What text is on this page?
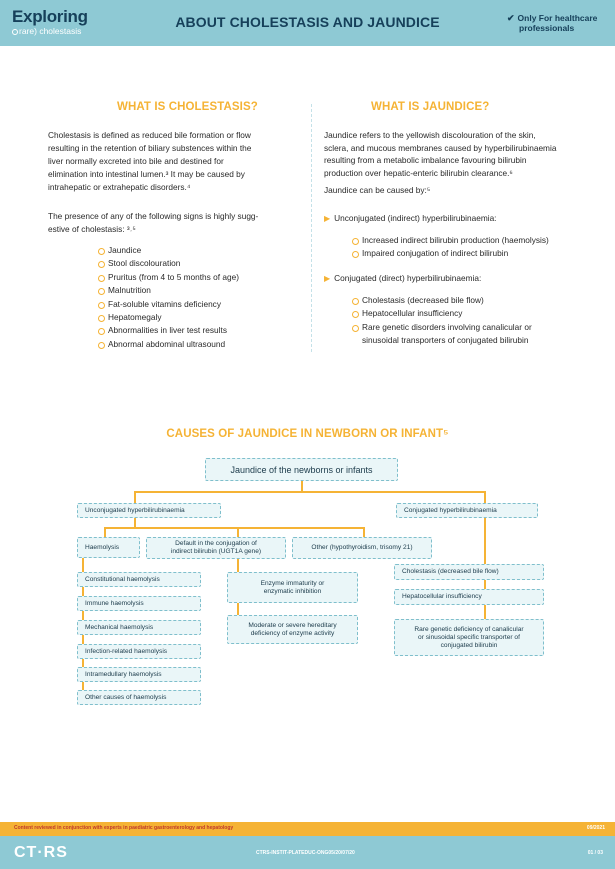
Exploring
rare) cholestasis
ABOUT CHOLESTASIS AND JAUNDICE	✔ Only For healthcare
professionals
WHAT IS CHOLESTASIS?
Cholestasis is defined as reduced bile formation or flow
resulting in the retention of biliary substences within the
liver normally excreted into bile and destined for
elimination into intestinal lumen.³ It may be caused by
intrahepatic or extrahepatic disorders.⁴
The presence of any of the following signs is highly sugg-
estive of cholestasis: ³˒⁵
Jaundice
Stool discolouration
Pruritus (from 4 to 5 months of age)
Malnutrition
Fat-soluble vitamins deficiency
Hepatomegaly
Abnormalities in liver test results
Abnormal abdominal ultrasound
WHAT IS JAUNDICE?
Jaundice refers to the yellowish discolouration of the skin,
sclera, and mucous membranes caused by hyperbilirubinaemia
resulting from a metabolic imbalance favouring bilirubin
production over hepatic-enteric bilirubin clearance.⁶
Jaundice can be caused by:⁵
▶ Unconjugated (indirect) hyperbilirubinaemia:
Increased indirect bilirubin production (haemolysis)
Impaired conjugation of indirect bilirubin
▶ Conjugated (direct) hyperbilirubinaemia:
Cholestasis (decreased bile flow)
Hepatocellular insufficiency
Rare genetic disorders involving canalicular or
sinusoidal transporters of conjugated bilirubin
CAUSES OF JAUNDICE IN NEWBORN OR INFANT⁵
Jaundice of the newborns or infants
Unconjugated hyperbilirubinaemia	Conjugated hyperbilirubinaemia
Haemolysis	Default in the conjugation of
indirect bilirubin (UGT1A gene)
Other (hypothyroidism, trisomy 21)
Constitutional haemolysis
Immune haemolysis
Mechanical haemolysis
Infection-related haemolysis
Intramedullary haemolysis
Other causes of haemolysis
Enzyme immaturity or
enzymatic inhibition
Moderate or severe hereditary
deficiency of enzyme activity
Cholestasis (decreased bile flow)
Hepatocellular insufficiency
Rare genetic deficiency of canalicular
or sinusoidal specific transporter of
conjugated bilirubin
Content reviewed in conjunction with experts in paediatric gastroenterology and hepatology	09/2021
CT·RS	CTRS-INSTIT-PLATEDUC-ONG05/20/07/20	01 / 03
